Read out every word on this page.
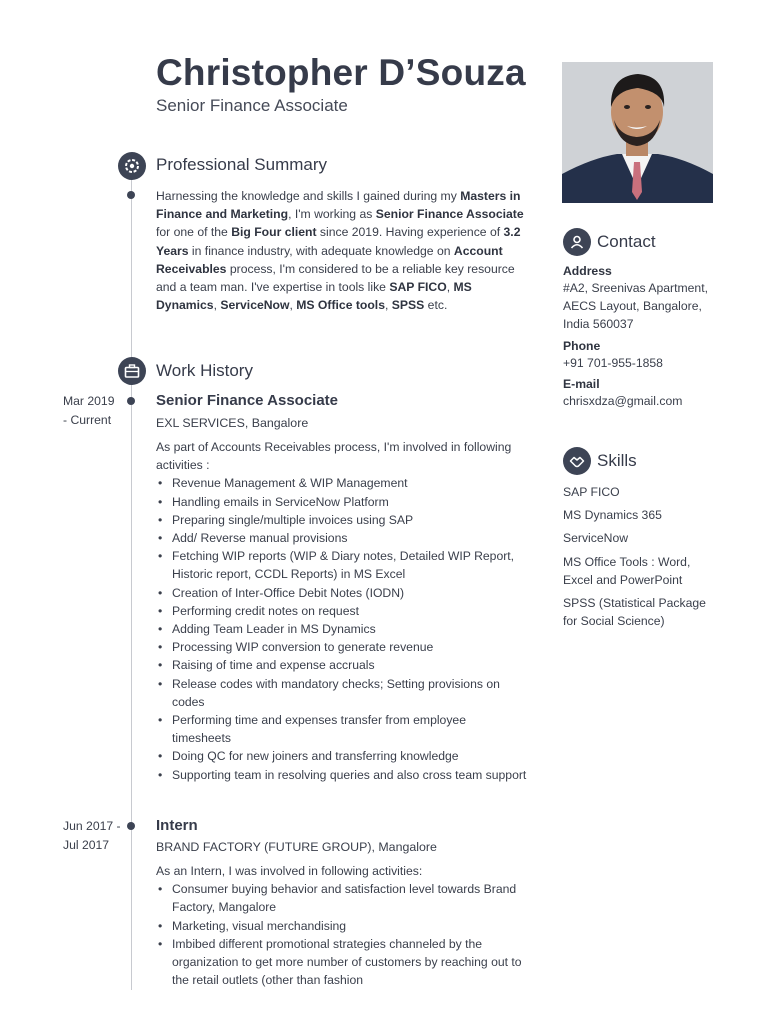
Christopher D’Souza
Senior Finance Associate
Professional Summary
Harnessing the knowledge and skills I gained during my Masters in Finance and Marketing, I'm working as Senior Finance Associate for one of the Big Four client since 2019. Having experience of 3.2 Years in finance industry, with adequate knowledge on Account Receivables process, I'm considered to be a reliable key resource and a team man. I've expertise in tools like SAP FICO, MS Dynamics, ServiceNow, MS Office tools, SPSS etc.
Work History
Mar 2019
- Current
Senior Finance Associate
EXL SERVICES, Bangalore
As part of Accounts Receivables process, I'm involved in following activities :
• Revenue Management & WIP Management
• Handling emails in ServiceNow Platform
• Preparing single/multiple invoices using SAP
• Add/ Reverse manual provisions
• Fetching WIP reports (WIP & Diary notes, Detailed WIP Report, Historic report, CCDL Reports) in MS Excel
• Creation of Inter-Office Debit Notes (IODN)
• Performing credit notes on request
• Adding Team Leader in MS Dynamics
• Processing WIP conversion to generate revenue
• Raising of time and expense accruals
• Release codes with mandatory checks; Setting provisions on codes
• Performing time and expenses transfer from employee timesheets
• Doing QC for new joiners and transferring knowledge
• Supporting team in resolving queries and also cross team support
Jun 2017 -
Jul 2017
Intern
BRAND FACTORY (FUTURE GROUP), Mangalore
As an Intern, I was involved in following activities:
• Consumer buying behavior and satisfaction level towards Brand Factory, Mangalore
• Marketing, visual merchandising
• Imbibed different promotional strategies channeled by the organization to get more number of customers by reaching out to the retail outlets (other than fashion
Contact
Address
#A2, Sreenivas Apartment, AECS Layout, Bangalore, India 560037
Phone
+91 701-955-1858
E-mail
chrisxdza@gmail.com
Skills
SAP FICO
MS Dynamics 365
ServiceNow
MS Office Tools : Word, Excel and PowerPoint
SPSS (Statistical Package for Social Science)
